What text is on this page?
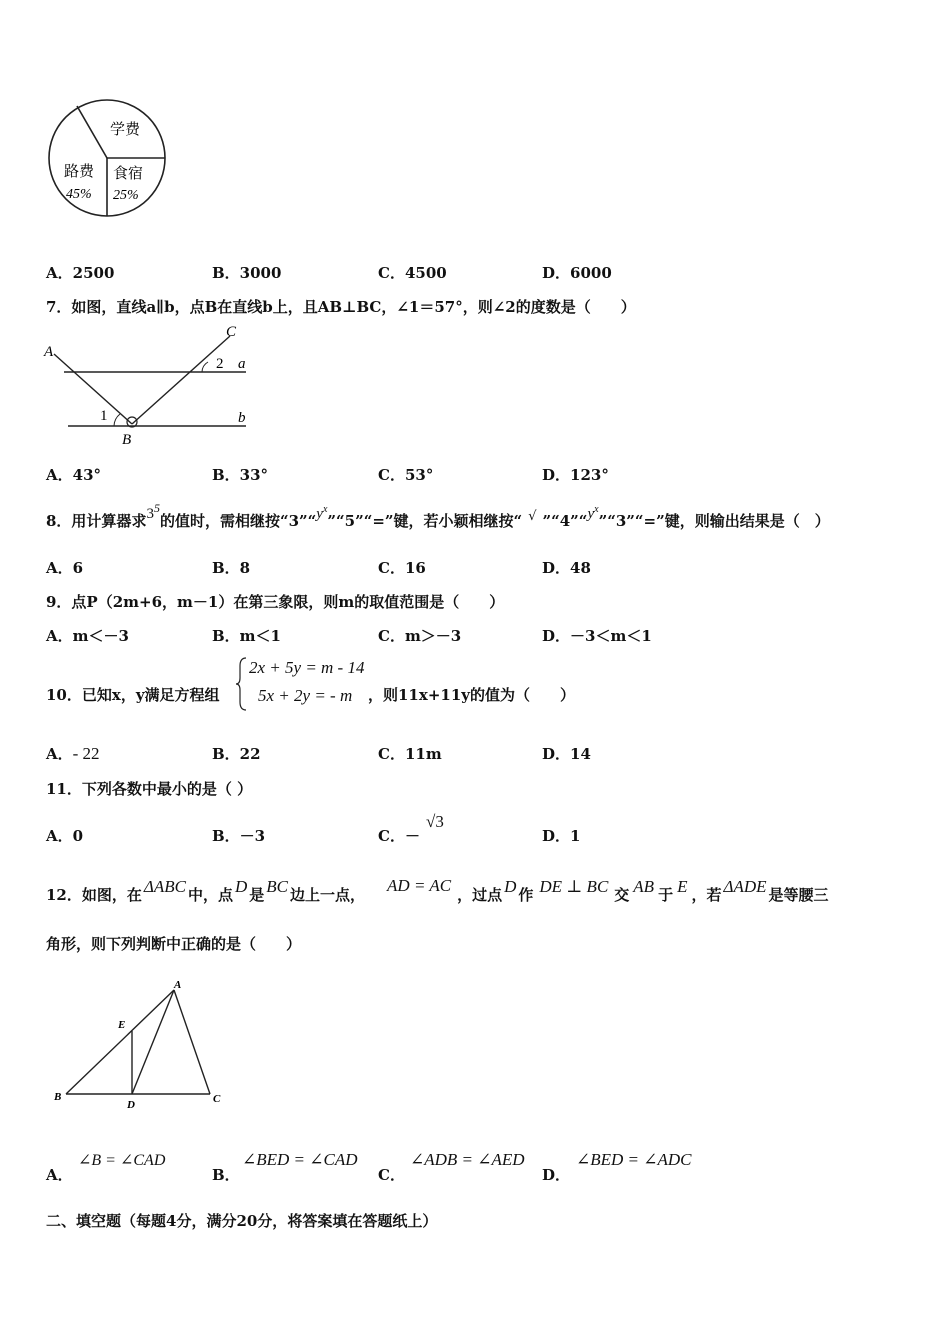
学费
路费
45%
食宿
25%
A．2500	B．3000	C．4500	D．6000
7．如图，直线a∥b，点B在直线b上，且AB⊥BC，∠1＝57°，则∠2的度数是（　　）
A
C
2 a
1	b
B
A．43°	B．33°	C．53°	D．123°
8．用计算器求$3^5$的值时，需相继按“$3”“y^x”“5”“=$”键，若小颖相继按“ √ $”“4”“y^x”“3”“=$”键，则输出结果是（　）
A．6	B．8	C．16	D．48
9．点P（2m+6，m－1）在第三象限，则m的取值范围是（　　）
A．m＜－3	B．m＜1	C．m＞－3	D．－3＜m＜1
10．已知x，y满足方程组
2x + 5y = m - 14
5x + 2y = - m ，则11x+11y的值为（　　）
A．- 22	B．22	C．11m	D．14
11．下列各数中最小的是（ ）
A．0	B．－3	C．－
√3
D．1
12．如图，在 ΔABC 中，点 D 是 BC 边上一点， AD = AC ，过点 D 作 DE ⊥ BC 交 AB 于 E ，若 ΔADE 是等腰三
角形，则下列判断中正确的是（　　）
A
E
B
D	C
A．
∠B = ∠CAD
B．
∠BED = ∠CAD
C．
∠ADB = ∠AED
D．
∠BED = ∠ADC
二、填空题（每题4分，满分20分，将答案填在答题纸上）
